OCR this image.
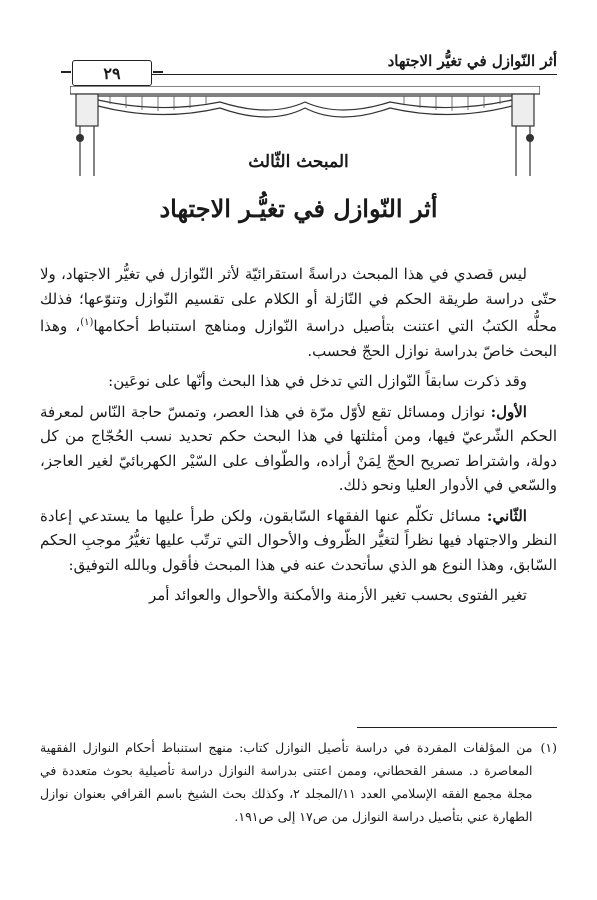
أثر النّوازل في تغيُّر الاجتهاد
٢٩
المبحث الثّالث
أثر النّوازل في تغيُّـر الاجتهاد

ليس قصدي في هذا المبحث دراسةً استقرائيّة لأثر النّوازل في تغيُّر الاجتهاد، ولا حتّى دراسة طريقة الحكم في النّازلة أو الكلام على تقسيم النّوازل وتنوّعها؛ فذلك محلُّه الكتبُ التي اعتنت بتأصيل دراسة النّوازل ومناهج استنباط أحكامها$^{(١)}$، وهذا البحث خاصّ بدراسة نوازل الحجّ فحسب.

وقد ذكرت سابقاً النّوازل التي تدخل في هذا البحث وأنّها على نوعَين:

الأول: نوازل ومسائل تقع لأوّل مرّة في هذا العصر، وتمسّ حاجة النّاس لمعرفة الحكم الشّرعيّ فيها، ومن أمثلتها في هذا البحث حكم تحديد نسب الحُجّاج من كل دولة، واشتراط تصريح الحجّ لِمَنْ أراده، والطّواف على السّيْر الكهربائيّ لغير العاجز، والسّعي في الأدوار العليا ونحو ذلك.

الثّاني: مسائل تكلّم عنها الفقهاء السّابقون، ولكن طرأ عليها ما يستدعي إعادة النظر والاجتهاد فيها نظراً لتغيُّر الظّروف والأحوال التي ترتّب عليها تغيُّرُ موجبِ الحكم السّابق، وهذا النوع هو الذي سأتحدث عنه في هذا المبحث فأقول وبالله التوفيق:

تغير الفتوى بحسب تغير الأزمنة والأمكنة والأحوال والعوائد أمر

(١)
من المؤلفات المفردة في دراسة تأصيل النوازل كتاب: منهج استنباط أحكام النوازل الفقهية المعاصرة د. مسفر القحطاني، وممن اعتنى بدراسة النوازل دراسة تأصيلية بحوث متعددة في مجلة مجمع الفقه الإسلامي العدد ١١/المجلد ٢، وكذلك بحث الشيخ باسم القرافي بعنوان نوازل الطهارة عني بتأصيل دراسة النوازل من ص١٧ إلى ص١٩١.
